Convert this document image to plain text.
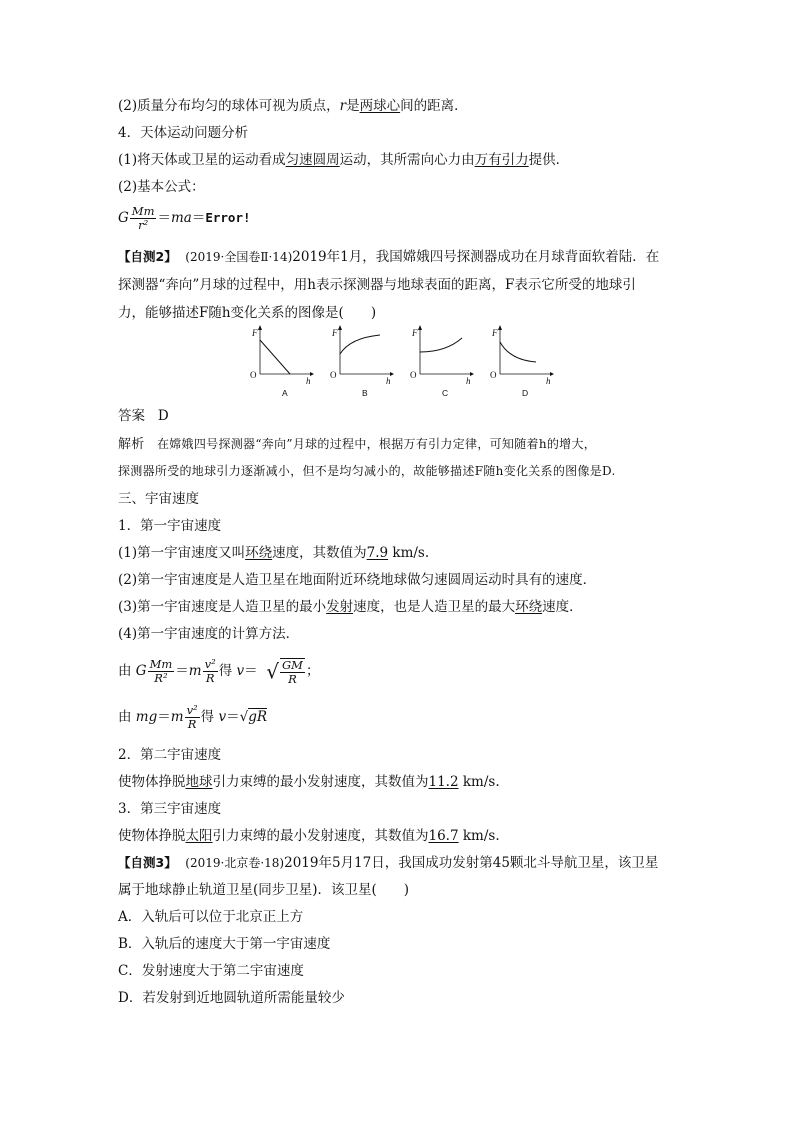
(2)质量分布均匀的球体可视为质点，r是两球心间的距离．
4．天体运动问题分析
(1)将天体或卫星的运动看成匀速圆周运动，其所需向心力由万有引力提供．
(2)基本公式：
G $\frac{Mm}{\text{r²}}$ ＝ma＝Error!
【自测2】 (2019·全国卷Ⅱ·14)2019年1月，我国嫦娥四号探测器成功在月球背面软着陆．在
探测器“奔向”月球的过程中，用h表示探测器与地球表面的距离，F表示它所受的地球引
力，能够描述F随h变化关系的图像是(　　)
F
O
h
A
F
O
h
B
F
O
h
C
F
O
h
D
答案 D
解析 在嫦娥四号探测器“奔向”月球的过程中，根据万有引力定律，可知随着h的增大，
探测器所受的地球引力逐渐减小，但不是均匀减小的，故能够描述F随h变化关系的图像是D.
三、宇宙速度
1．第一宇宙速度
(1)第一宇宙速度又叫环绕速度，其数值为7.9 km/s.
(2)第一宇宙速度是人造卫星在地面附近环绕地球做匀速圆周运动时具有的速度．
(3)第一宇宙速度是人造卫星的最小发射速度，也是人造卫星的最大环绕速度．
(4)第一宇宙速度的计算方法．
由 G $\frac{Mm}{\text{R²}} =m \frac{\text{v²}}{R}$ 得 v＝ √ $\frac{GM}{R}$ ；
由 $mg=m \frac{\text{v²}}{R}$ 得 v＝√gR
2．第二宇宙速度
使物体挣脱地球引力束缚的最小发射速度，其数值为11.2 km/s.
3．第三宇宙速度
使物体挣脱太阳引力束缚的最小发射速度，其数值为16.7 km/s.
【自测3】 (2019·北京卷·18)2019年5月17日，我国成功发射第45颗北斗导航卫星，该卫星
属于地球静止轨道卫星(同步卫星)．该卫星(　　)
A．入轨后可以位于北京正上方
B．入轨后的速度大于第一宇宙速度
C．发射速度大于第二宇宙速度
D．若发射到近地圆轨道所需能量较少
